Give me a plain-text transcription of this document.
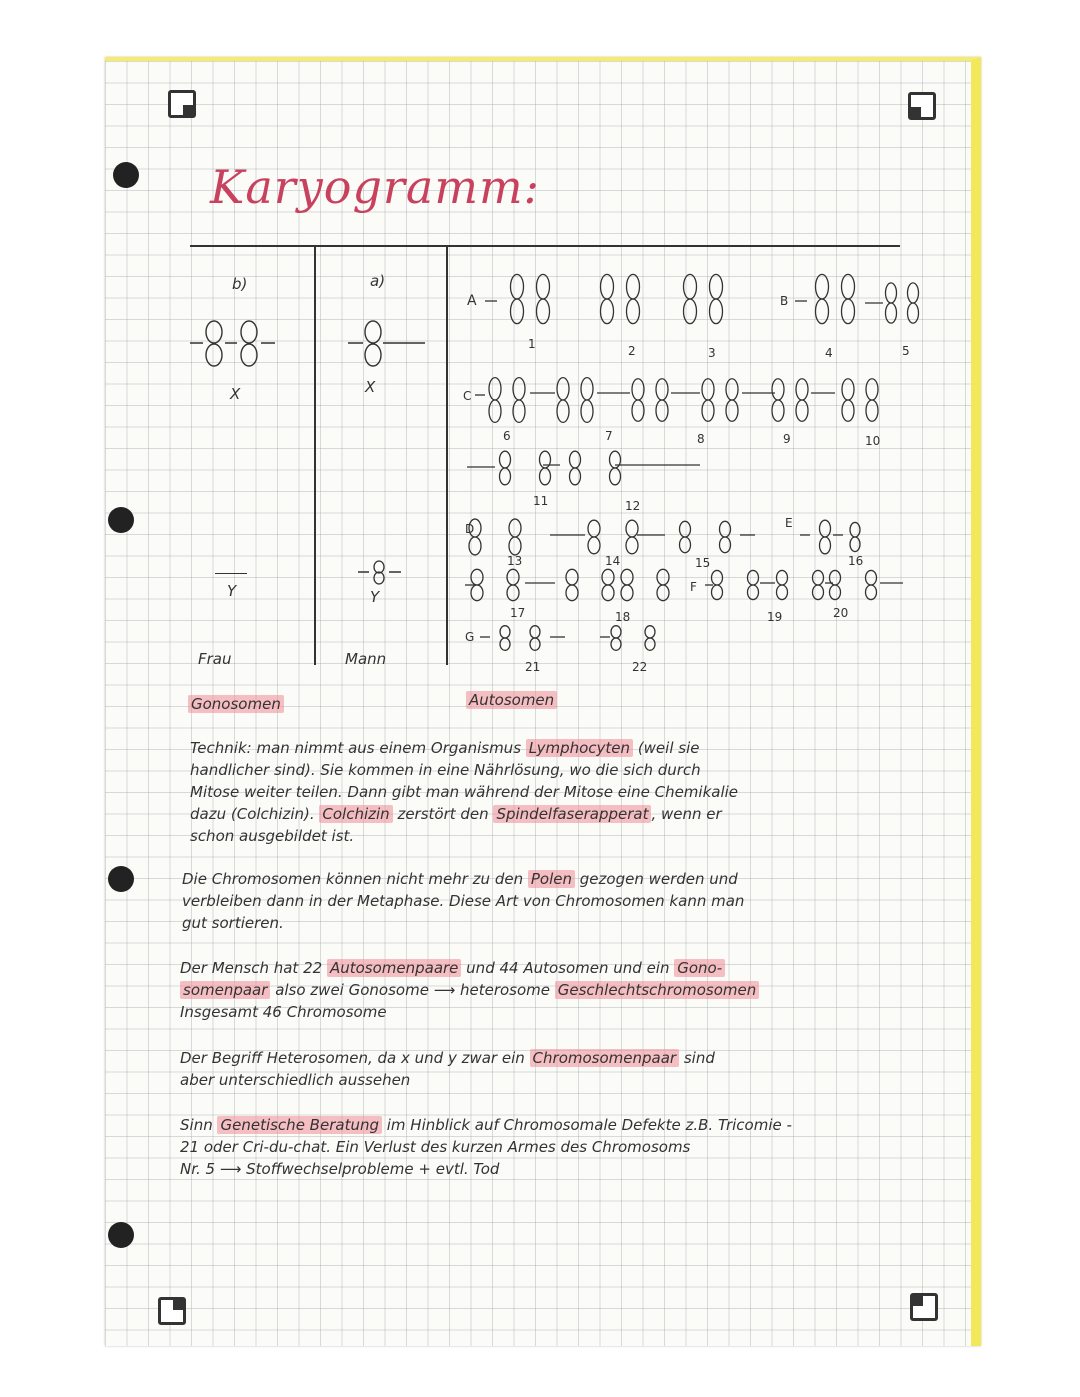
Karyogramm:
b)
X
Y
Frau
a)
X
Y
Mann
A	B
1	2	3	4	5
C
6	7	8	9	10
11	12
D
13	14	15
E
16
17	18
F
19	20
G
21	22
Gonosomen	Autosomen
Technik: man nimmt aus einem Organismus Lymphocyten (weil sie
handlicher sind). Sie kommen in eine Nährlösung, wo die sich durch
Mitose weiter teilen. Dann gibt man während der Mitose eine Chemikalie
dazu (Colchizin). Colchizin zerstört den Spindelfaserapperat , wenn er
schon ausgebildet ist.
Die Chromosomen können nicht mehr zu den Polen gezogen werden und
verbleiben dann in der Metaphase. Diese Art von Chromosomen kann man
gut sortieren.
Der Mensch hat 22 Autosomenpaare und 44 Autosomen und ein Gono-
somenpaar also zwei Gonosome ⟶ heterosome Geschlechtschromosomen
Insgesamt 46 Chromosome
Der Begriff Heterosomen, da x und y zwar ein Chromosomenpaar sind
aber unterschiedlich aussehen
Sinn Genetische Beratung im Hinblick auf Chromosomale Defekte z.B. Tricomie -
21 oder Cri-du-chat. Ein Verlust des kurzen Armes des Chromosoms
Nr. 5 ⟶ Stoffwechselprobleme + evtl. Tod
